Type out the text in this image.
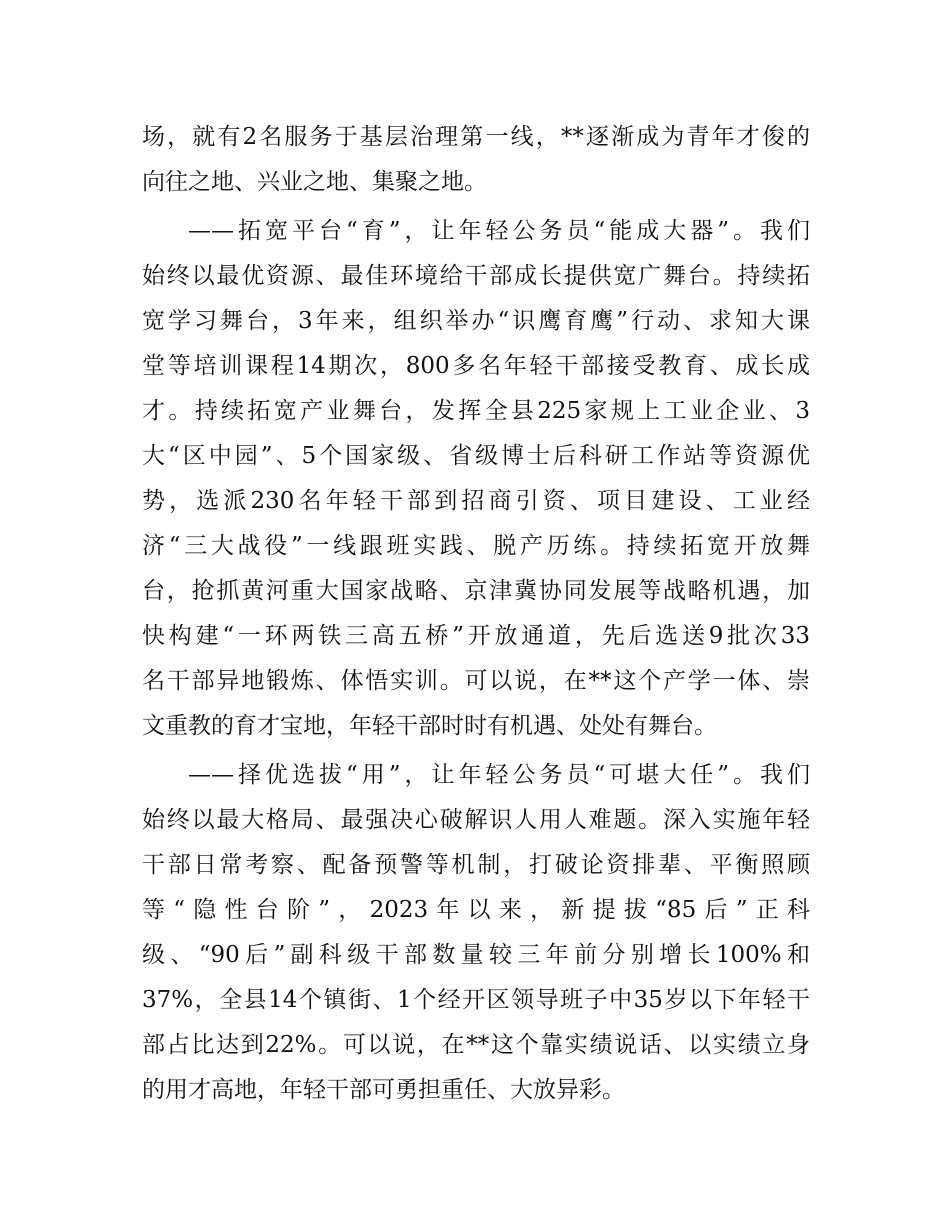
场，就有2名服务于基层治理第一线，**逐渐成为青年才俊的
向往之地、兴业之地、集聚之地。
——拓宽平台“育”，让年轻公务员“能成大器”。我们
始终以最优资源、最佳环境给干部成长提供宽广舞台。持续拓
宽学习舞台，3年来，组织举办“识鹰育鹰”行动、求知大课
堂等培训课程14期次，800多名年轻干部接受教育、成长成
才。持续拓宽产业舞台，发挥全县225家规上工业企业、3
大“区中园”、5个国家级、省级博士后科研工作站等资源优
势，选派230名年轻干部到招商引资、项目建设、工业经
济“三大战役”一线跟班实践、脱产历练。持续拓宽开放舞
台，抢抓黄河重大国家战略、京津冀协同发展等战略机遇，加
快构建“一环两铁三高五桥”开放通道，先后选送9批次33
名干部异地锻炼、体悟实训。可以说，在**这个产学一体、崇
文重教的育才宝地，年轻干部时时有机遇、处处有舞台。
——择优选拔“用”，让年轻公务员“可堪大任”。我们
始终以最大格局、最强决心破解识人用人难题。深入实施年轻
干部日常考察、配备预警等机制，打破论资排辈、平衡照顾
等“隐性台阶”，2023年以来，新提拔“85后”正科
级、“90后”副科级干部数量较三年前分别增长100%和
37%，全县14个镇街、1个经开区领导班子中35岁以下年轻干
部占比达到22%。可以说，在**这个靠实绩说话、以实绩立身
的用才高地，年轻干部可勇担重任、大放异彩。
